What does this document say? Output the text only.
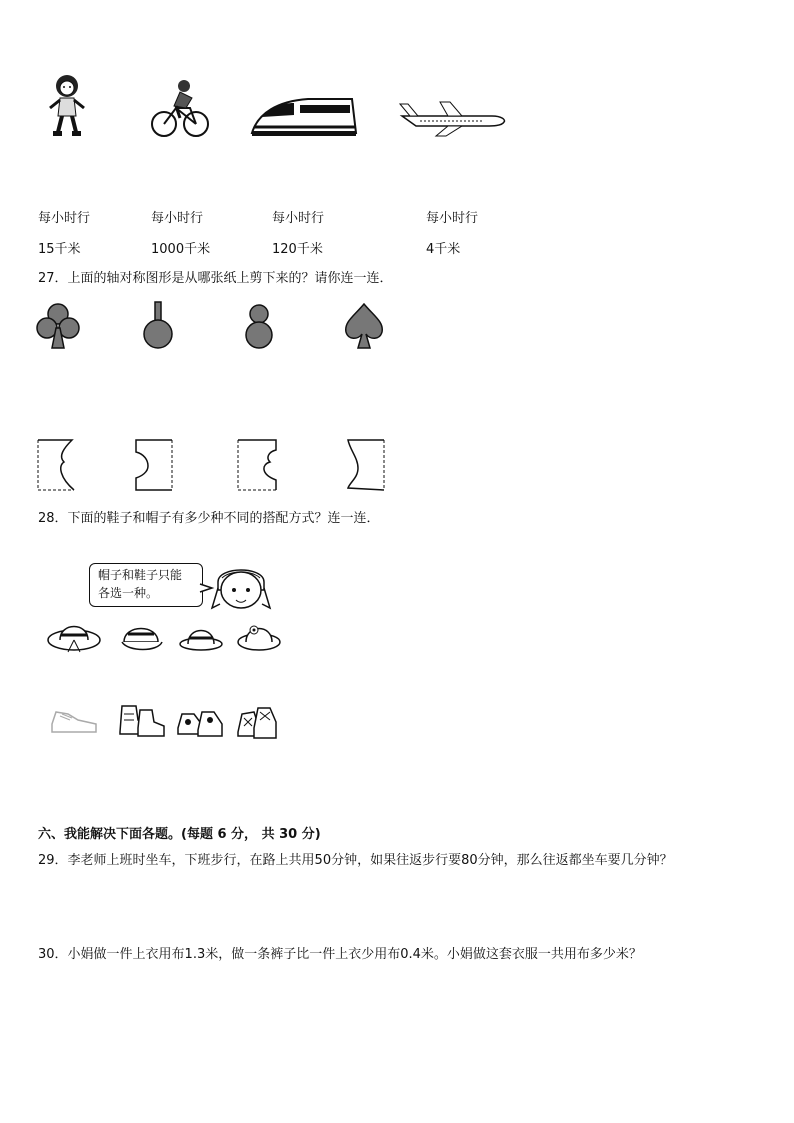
每小时行	每小时行	每小时行	每小时行
15千米	1000千米	120千米	4千米
27．上面的轴对称图形是从哪张纸上剪下来的？请你连一连．
28．下面的鞋子和帽子有多少种不同的搭配方式？连一连．
帽子和鞋子只能
各选一种。
六、我能解决下面各题。(每题 6 分， 共 30 分)
29．李老师上班时坐车，下班步行，在路上共用50分钟，如果往返步行要80分钟，那么往返都坐车要几分钟？
30．小娟做一件上衣用布1.3米，做一条裤子比一件上衣少用布0.4米。小娟做这套衣服一共用布多少米？
